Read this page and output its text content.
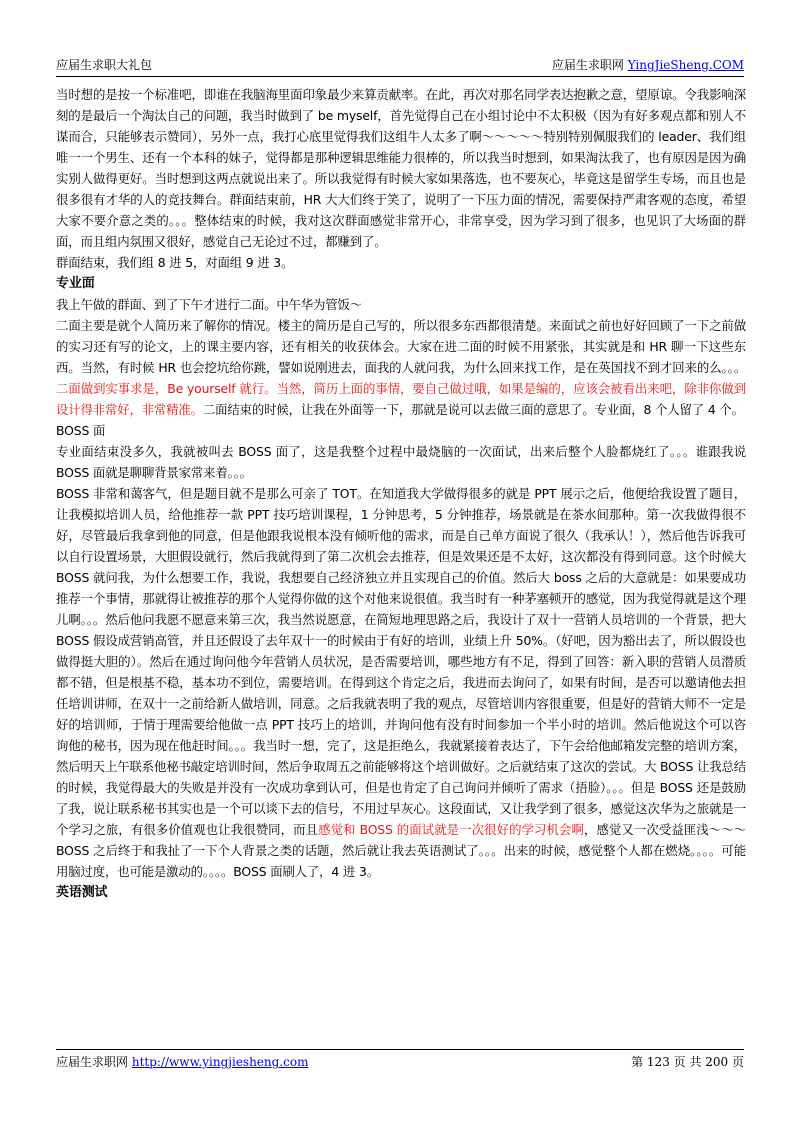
应届生求职大礼包	应届生求职网 YingJieSheng.COM

当时想的是按一个标准吧，即谁在我脑海里面印象最少来算贡献率。在此，再次对那名同学表达抱歉之意，望原谅。令我影响深刻的是最后一个淘汰自己的问题，我当时做到了 be myself，首先觉得自己在小组讨论中不太积极（因为有好多观点都和别人不谋而合，只能够表示赞同），另外一点，我打心底里觉得我们这组牛人太多了啊～～～～～特别特别佩服我们的 leader、我们组唯一一个男生、还有一个本科的妹子，觉得都是那种逻辑思维能力很棒的，所以我当时想到，如果淘汰我了，也有原因是因为确实别人做得更好。当时想到这两点就说出来了。所以我觉得有时候大家如果落选，也不要灰心，毕竟这是留学生专场，而且也是很多很有才华的人的竞技舞台。群面结束前，HR 大大们终于笑了，说明了一下压力面的情况，需要保持严肃客观的态度，希望大家不要介意之类的。。。整体结束的时候，我对这次群面感觉非常开心，非常享受，因为学习到了很多，也见识了大场面的群面，而且组内氛围又很好，感觉自己无论过不过，都赚到了。

群面结束，我们组 8 进 5，对面组 9 进 3。

专业面

我上午做的群面、到了下午才进行二面。中午华为管饭～

二面主要是就个人简历来了解你的情况。楼主的简历是自己写的，所以很多东西都很清楚。来面试之前也好好回顾了一下之前做的实习还有写的论文，上的课主要内容，还有相关的收获体会。大家在进二面的时候不用紧张，其实就是和 HR 聊一下这些东西。当然，有时候 HR 也会挖坑给你跳，譬如说刚进去，面我的人就问我，为什么回来找工作，是在英国找不到才回来的么。。。二面做到实事求是，Be yourself 就行。当然，简历上面的事情，要自己做过哦，如果是编的，应该会被看出来吧，除非你做到设计得非常好，非常精准。二面结束的时候，让我在外面等一下，那就是说可以去做三面的意思了。专业面，8 个人留了 4 个。

BOSS 面

专业面结束没多久，我就被叫去 BOSS 面了，这是我整个过程中最烧脑的一次面试，出来后整个人脸都烧红了。。。谁跟我说 BOSS 面就是聊聊背景家常来着。。。

BOSS 非常和蔼客气，但是题目就不是那么可亲了 TOT。在知道我大学做得很多的就是 PPT 展示之后，他便给我设置了题目，让我模拟培训人员，给他推荐一款 PPT 技巧培训课程，1 分钟思考，5 分钟推荐，场景就是在茶水间那种。第一次我做得很不好，尽管最后我拿到他的同意，但是他跟我说根本没有倾听他的需求，而是自己单方面说了很久（我承认！），然后他告诉我可以自行设置场景，大胆假设就行，然后我就得到了第二次机会去推荐，但是效果还是不太好，这次都没有得到同意。这个时候大 BOSS 就问我，为什么想要工作，我说，我想要自己经济独立并且实现自己的价值。然后大 boss 之后的大意就是：如果要成功推荐一个事情，那就得让被推荐的那个人觉得你做的这个对他来说很值。我当时有一种茅塞顿开的感觉，因为我觉得就是这个理儿啊。。。然后他问我愿不愿意来第三次，我当然说愿意，在简短地理思路之后，我设计了双十一营销人员培训的一个背景，把大 BOSS 假设成营销高管，并且还假设了去年双十一的时候由于有好的培训，业绩上升 50%。（好吧，因为豁出去了，所以假设也做得挺大胆的）。然后在通过询问他今年营销人员状况，是否需要培训，哪些地方有不足，得到了回答：新入职的营销人员潜质都不错，但是根基不稳，基本功不到位，需要培训。在得到这个肯定之后，我进而去询问了，如果有时间，是否可以邀请他去担任培训讲师，在双十一之前给新人做培训，同意。之后我就表明了我的观点，尽管培训内容很重要，但是好的营销大师不一定是好的培训师，于情于理需要给他做一点 PPT 技巧上的培训，并询问他有没有时间参加一个半小时的培训。然后他说这个可以咨询他的秘书，因为现在他赶时间。。。我当时一想，完了，这是拒绝么，我就紧接着表达了，下午会给他邮箱发完整的培训方案，然后明天上午联系他秘书敲定培训时间，然后争取周五之前能够将这个培训做好。之后就结束了这次的尝试。大 BOSS 让我总结的时候，我觉得最大的失败是并没有一次成功拿到认可，但是也肯定了自己询问并倾听了需求（捂脸）。。。但是 BOSS 还是鼓励了我，说让联系秘书其实也是一个可以谈下去的信号，不用过早灰心。这段面试，又让我学到了很多，感觉这次华为之旅就是一个学习之旅，有很多价值观也让我很赞同，而且感觉和 BOSS 的面试就是一次很好的学习机会啊，感觉又一次受益匪浅～～～BOSS 之后终于和我扯了一下个人背景之类的话题，然后就让我去英语测试了。。。出来的时候，感觉整个人都在燃烧。。。。可能用脑过度，也可能是激动的。。。。BOSS 面刷人了，4 进 3。

英语测试

应届生求职网 http://www.yingjiesheng.com	第 123 页 共 200 页
